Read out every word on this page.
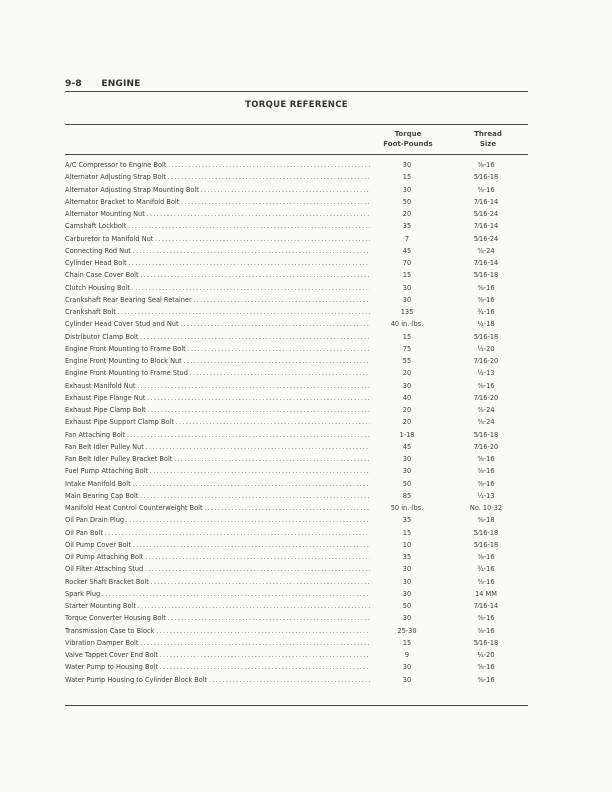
9-8 ENGINE
TORQUE REFERENCE
Torque
Foot-Pounds
Thread
Size
A/C Compressor to Engine Bolt . . .	30	⅜-16
Alternator Adjusting Strap Bolt . . .	15	5⁄16-18
Alternator Adjusting Strap Mounting Bolt . . .	30	⅜-16
Alternator Bracket to Manifold Bolt . . .	50	7⁄16-14
Alternator Mounting Nut . . .	20	5⁄16-24
Camshaft Lockbolt . . .	35	7⁄16-14
Carburetor to Manifold Nut . . .	7	5⁄16-24
Connecting Rod Nut . . .	45	⅜-24
Cylinder Head Bolt . . .	70	7⁄16-14
Chain Case Cover Bolt . . .	15	5⁄16-18
Clutch Housing Bolt . . .	30	⅜-16
Crankshaft Rear Bearing Seal Retainer . . .	30	⅜-16
Crankshaft Bolt . . .	135	¾-16
Cylinder Head Cover Stud and Nut . . .	40 in.-lbs.	¼-18
Distributor Clamp Bolt . . .	15	5⁄16-18
Engine Front Mounting to Frame Bolt . . .	75	½-20
Engine Front Mounting to Block Nut . . .	55	7⁄16-20
Engine Front Mounting to Frame Stud . . .	20	½-13
Exhaust Manifold Nut . . .	30	⅜-16
Exhaust Pipe Flange Nut . . .	40	7⁄16-20
Exhaust Pipe Clamp Bolt . . .	20	⅜-24
Exhaust Pipe Support Clamp Bolt . . .	20	⅜-24
Fan Attaching Bolt . . .	1-18	5⁄16-18
Fan Belt Idler Pulley Nut . . .	45	7⁄16-20
Fan Belt Idler Pulley Bracket Bolt . . .	30	⅜-16
Fuel Pump Attaching Bolt . . .	30	⅜-16
Intake Manifold Bolt . . .	50	⅜-16
Main Bearing Cap Bolt . . .	85	½-13
Manifold Heat Control Counterweight Bolt . . .	50 in.-lbs.	No. 10-32
Oil Pan Drain Plug . . .	35	⅜-18
Oil Pan Bolt . . .	15	5⁄16-18
Oil Pump Cover Bolt . . .	10	5⁄16-18
Oil Pump Attaching Bolt . . .	35	⅜-16
Oil Filter Attaching Stud . . .	30	¾-16
Rocker Shaft Bracket Bolt . . .	30	⅜-16
Spark Plug . . .	30	14 MM
Starter Mounting Bolt . . .	50	7⁄16-14
Torque Converter Housing Bolt . . .	30	⅜-16
Transmission Case to Block . . .	25-30	⅜-16
Vibration Damper Bolt . . .	15	5⁄16-18
Valve Tappet Cover End Bolt . . .	9	¼-20
Water Pump to Housing Bolt . . .	30	⅜-16
Water Pump Housing to Cylinder Block Bolt . . .	30	⅜-16
